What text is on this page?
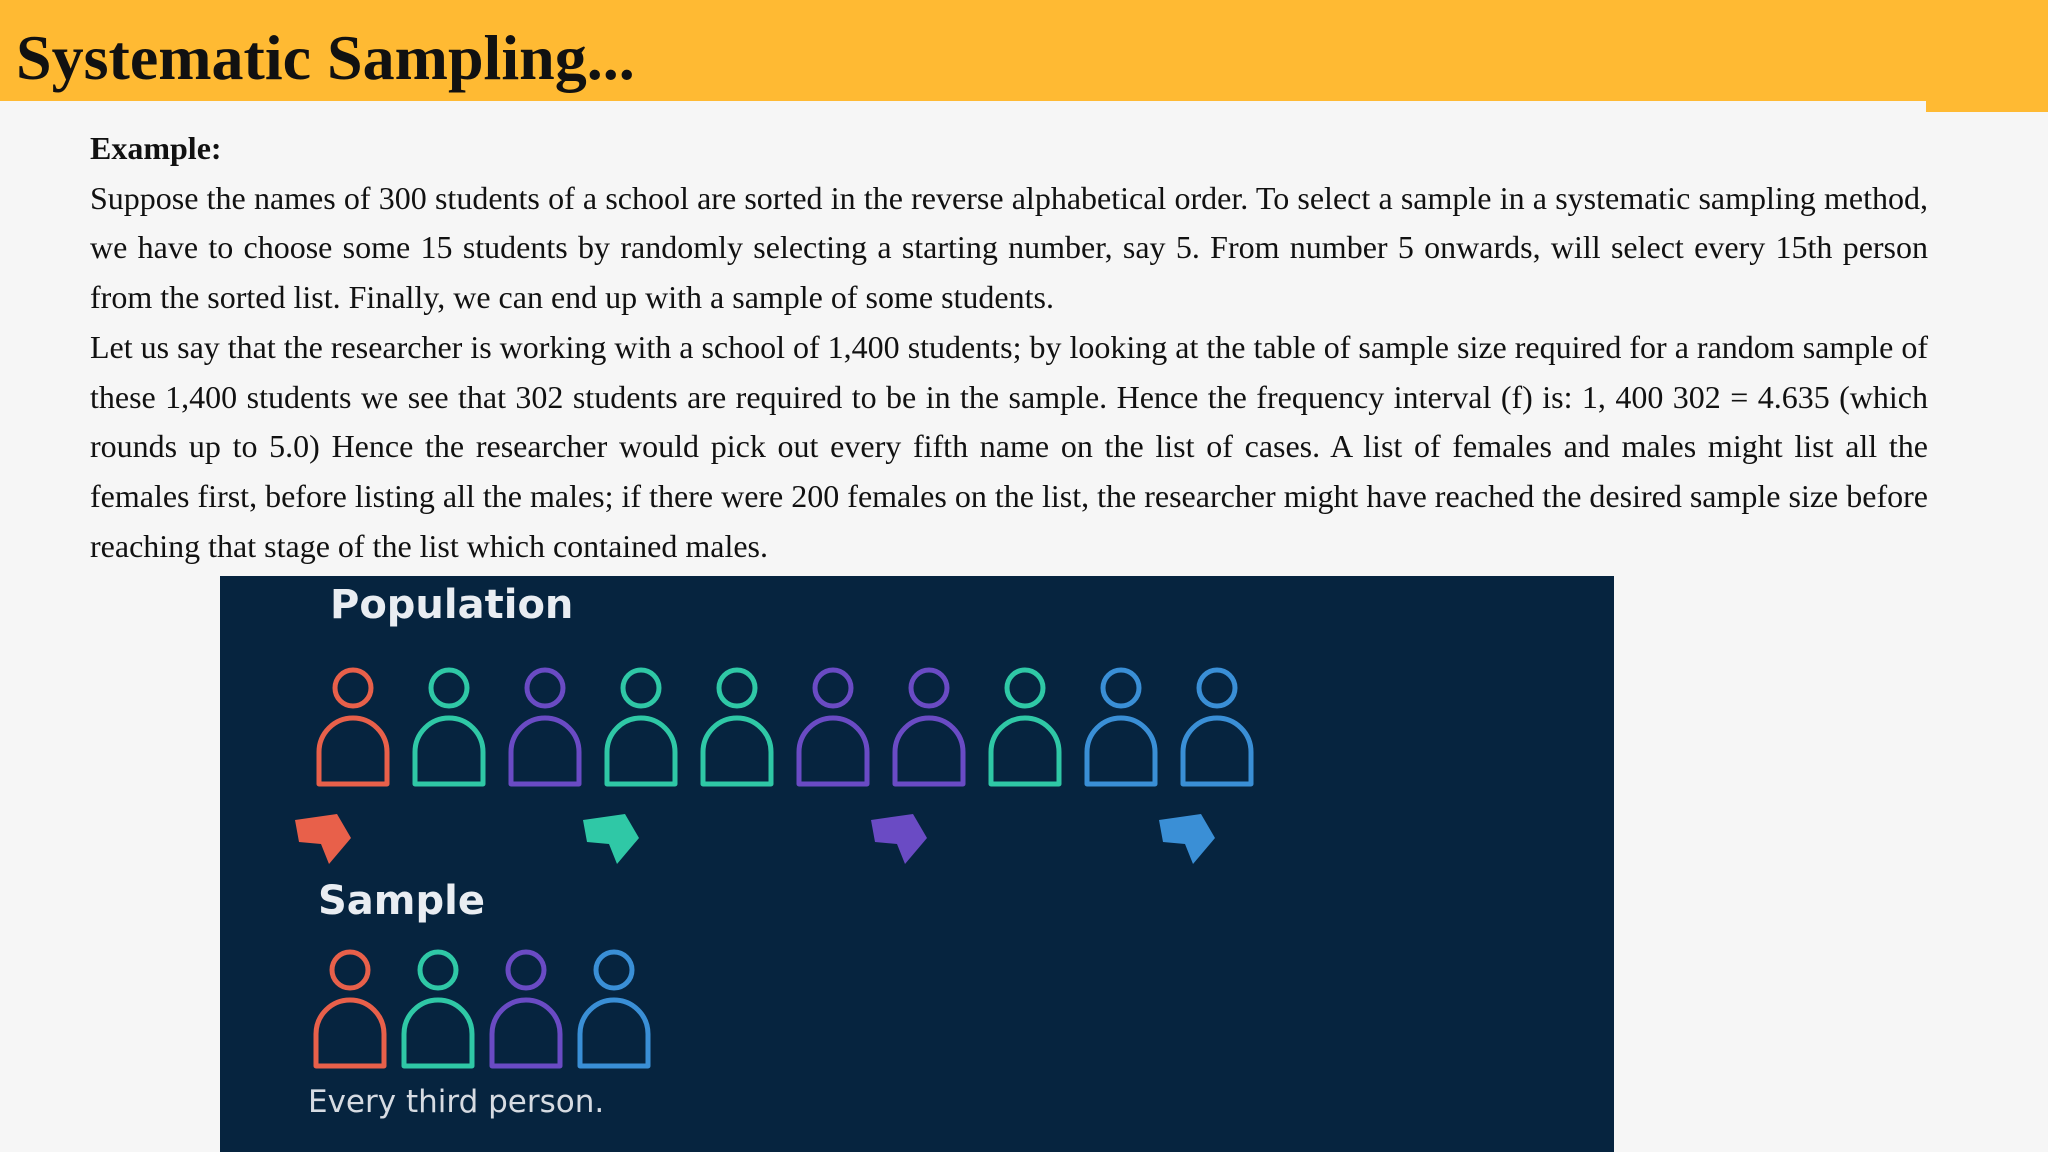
Systematic Sampling...

Example:

Suppose the names of 300 students of a school are sorted in the reverse alphabetical order. To select a sample in a systematic sampling method, we have to choose some 15 students by randomly selecting a starting number, say 5. From number 5 onwards, will select every 15th person from the sorted list. Finally, we can end up with a sample of some students.

Let us say that the researcher is working with a school of 1,400 students; by looking at the table of sample size required for a random sample of these 1,400 students we see that 302 students are required to be in the sample. Hence the frequency interval (f) is: 1, 400 302 = 4.635 (which rounds up to 5.0) Hence the researcher would pick out every fifth name on the list of cases. A list of females and males might list all the females first, before listing all the males; if there were 200 females on the list, the researcher might have reached the desired sample size before reaching that stage of the list which contained males.

Population

Sample

Every third person.
